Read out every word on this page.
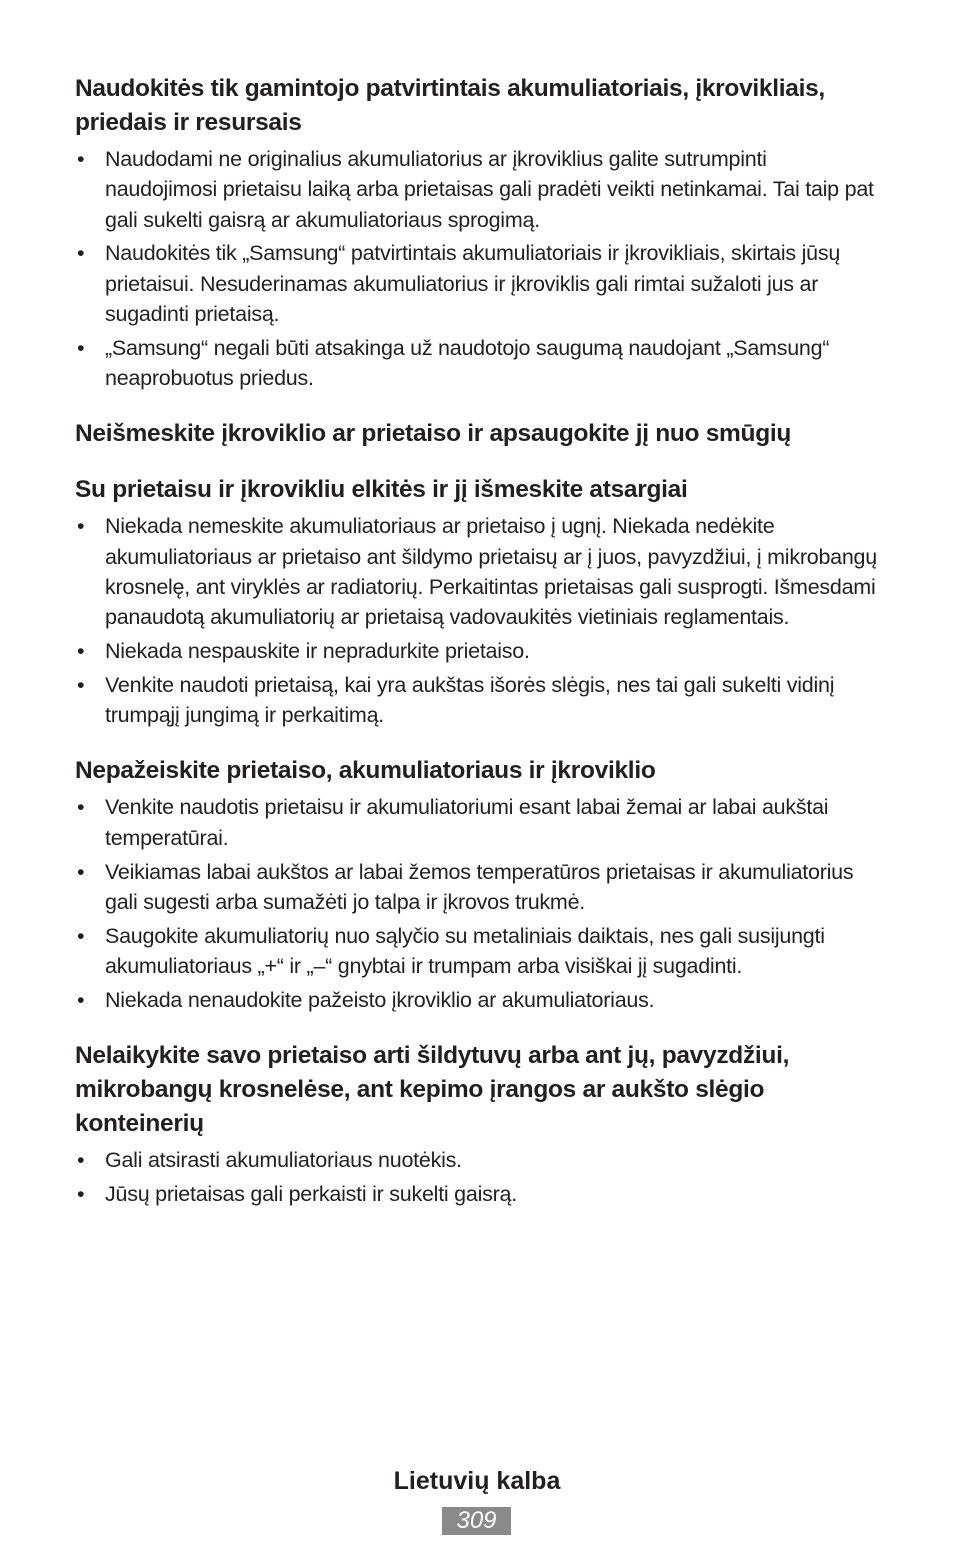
Naudokitės tik gamintojo patvirtintais akumuliatoriais, įkrovikliais, priedais ir resursais
• Naudodami ne originalius akumuliatorius ar įkroviklius galite sutrumpinti naudojimosi prietaisu laiką arba prietaisas gali pradėti veikti netinkamai. Tai taip pat gali sukelti gaisrą ar akumuliatoriaus sprogimą.
• Naudokitės tik „Samsung“ patvirtintais akumuliatoriais ir įkrovikliais, skirtais jūsų prietaisui. Nesuderinamas akumuliatorius ir įkroviklis gali rimtai sužaloti jus ar sugadinti prietaisą.
• „Samsung“ negali būti atsakinga už naudotojo saugumą naudojant „Samsung“ neaprobuotus priedus.
Neišmeskite įkroviklio ar prietaiso ir apsaugokite jį nuo smūgių
Su prietaisu ir įkrovikliu elkitės ir jį išmeskite atsargiai
• Niekada nemeskite akumuliatoriaus ar prietaiso į ugnį. Niekada nedėkite akumuliatoriaus ar prietaiso ant šildymo prietaisų ar į juos, pavyzdžiui, į mikrobangų krosnelę, ant viryklės ar radiatorių. Perkaitintas prietaisas gali susprogti. Išmesdami panaudotą akumuliatorių ar prietaisą vadovaukitės vietiniais reglamentais.
• Niekada nespauskite ir nepradurkite prietaiso.
• Venkite naudoti prietaisą, kai yra aukštas išorės slėgis, nes tai gali sukelti vidinį trumpąjį jungimą ir perkaitimą.
Nepažeiskite prietaiso, akumuliatoriaus ir įkroviklio
• Venkite naudotis prietaisu ir akumuliatoriumi esant labai žemai ar labai aukštai temperatūrai.
• Veikiamas labai aukštos ar labai žemos temperatūros prietaisas ir akumuliatorius gali sugesti arba sumažėti jo talpa ir įkrovos trukmė.
• Saugokite akumuliatorių nuo sąlyčio su metaliniais daiktais, nes gali susijungti akumuliatoriaus „+“ ir „–“ gnybtai ir trumpam arba visiškai jį sugadinti.
• Niekada nenaudokite pažeisto įkroviklio ar akumuliatoriaus.
Nelaikykite savo prietaiso arti šildytuvų arba ant jų, pavyzdžiui, mikrobangų krosnelėse, ant kepimo įrangos ar aukšto slėgio konteinerių
• Gali atsirasti akumuliatoriaus nuotėkis.
• Jūsų prietaisas gali perkaisti ir sukelti gaisrą.
Lietuvių kalba
309
